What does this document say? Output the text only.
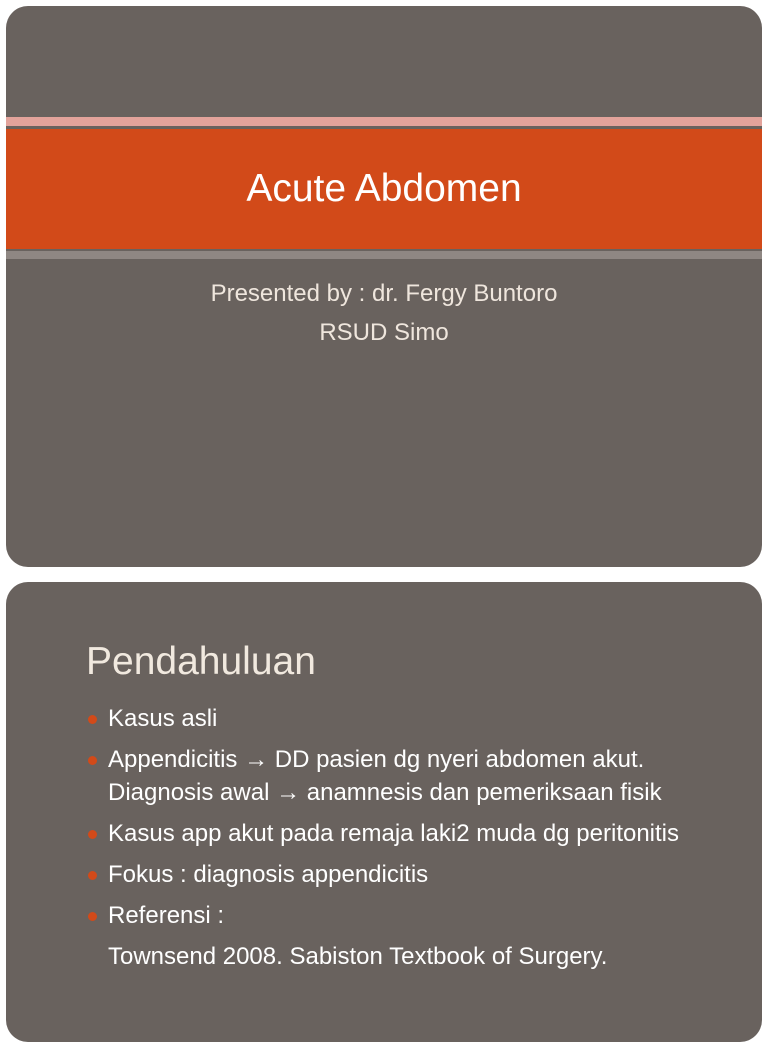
Acute Abdomen
Presented by : dr. Fergy Buntoro
RSUD Simo
Pendahuluan
Kasus asli
Appendicitis → DD pasien dg nyeri abdomen akut. Diagnosis awal → anamnesis dan pemeriksaan fisik
Kasus app akut pada remaja laki2 muda dg peritonitis
Fokus : diagnosis appendicitis
Referensi :
Townsend 2008. Sabiston Textbook of Surgery.
